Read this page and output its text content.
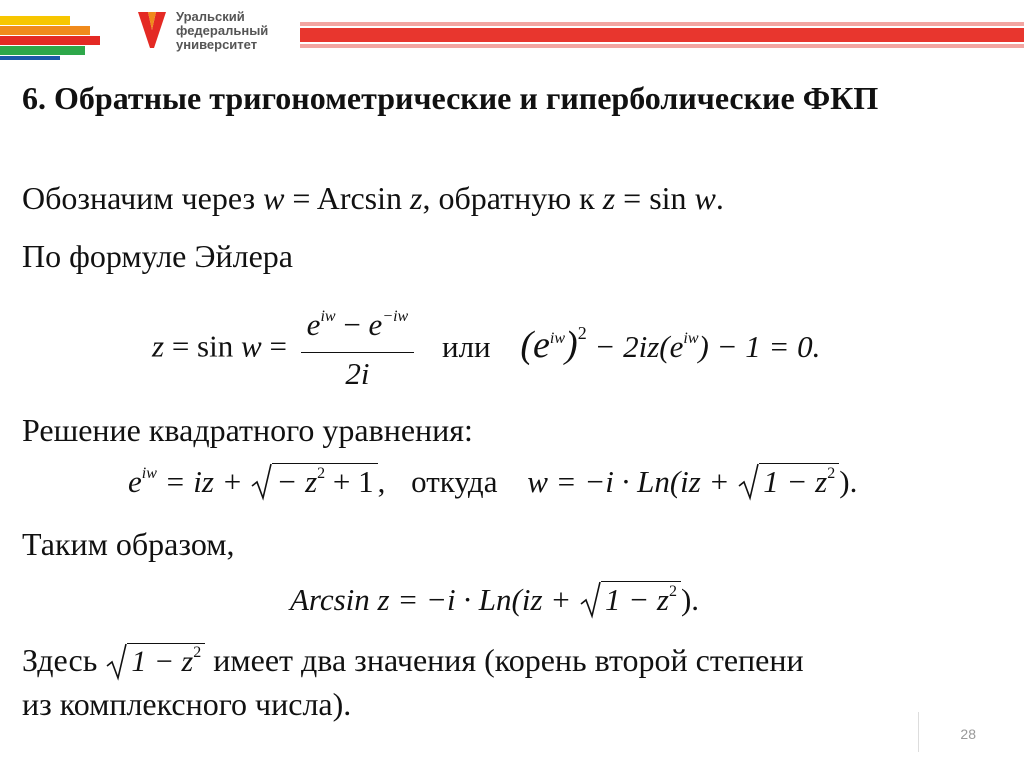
Уральский
федеральный
университет
6. Обратные тригонометрические и гиперболические ФКП
Обозначим через w = Arcsin z, обратную к z = sin w.
По формуле Эйлера
$z = \sin w = \frac{e^{iw} - e^{-iw}}{2i}$ или $(e^{iw})^2 - 2iz(e^{iw}) - 1 = 0$.
Решение квадратного уравнения:
$e^{iw}$ = iz +
− $z^2 + 1$ , откуда w = −i · Ln(iz +
$1 - z^2$ ).
Таким образом,
Arcsin z = −i · Ln(iz +
$1 - z^2$ ).
Здесь $1 - z^2$ имеет два значения (корень второй степени
из комплексного числа).
28
